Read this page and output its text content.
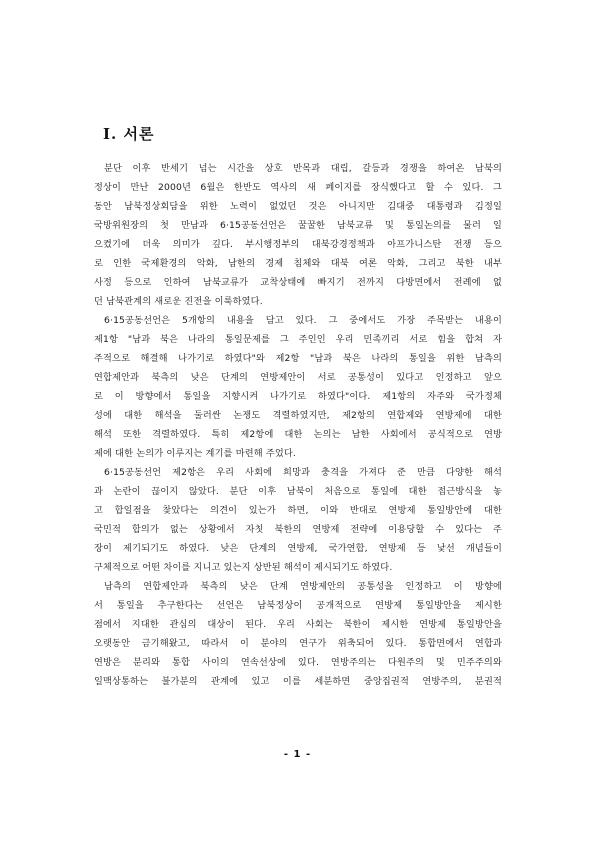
Ⅰ. 서론
분단 이후 반세기 넘는 시간을 상호 반목과 대립, 갈등과 경쟁을 하여온 남북의
정상이 만난 2000년 6월은 한반도 역사의 새 페이지를 장식했다고 할 수 있다. 그
동안 남북정상회담을 위한 노력이 없었던 것은 아니지만 김대중 대통령과 김정일
국방위원장의 첫 만남과 6·15공동선언은 꿀꿀한 남북교류 및 통일논의를 물러 일
으켰기에 더욱 의미가 깊다. 부시행정부의 대북강경정책과 아프가니스탄 전쟁 등으
로 인한 국제환경의 악화, 남한의 경제 침체와 대북 여론 악화, 그리고 북한 내부
사정 등으로 인하여 남북교류가 교착상태에 빠지기 전까지 다방면에서 전례에 없
던 남북관계의 새로운 진전을 이룩하였다.
6·15공동선언은 5개항의 내용을 담고 있다. 그 중에서도 가장 주목받는 내용이
제1항 "남과 북은 나라의 통일문제를 그 주인인 우리 민족끼리 서로 힘을 합쳐 자
주적으로 해결해 나가기로 하였다"와 제2항 "남과 북은 나라의 통일을 위한 남측의
연합제안과 북측의 낮은 단계의 연방제안이 서로 공통성이 있다고 인정하고 앞으
로 이 방향에서 통일을 지향시켜 나가기로 하였다"이다. 제1항의 자주와 국가정체
성에 대한 해석을 둘러싼 논쟁도 격렬하였지만, 제2항의 연합제와 연방제에 대한
해석 또한 격렬하였다. 특히 제2항에 대한 논의는 남한 사회에서 공식적으로 연방
제에 대한 논의가 이루지는 계기를 마련해 주었다.
6·15공동선언 제2항은 우리 사회에 희망과 충격을 가져다 준 만큼 다양한 해석
과 논란이 끊이지 않았다. 분단 이후 남북이 처음으로 통일에 대한 접근방식을 놓
고 합일점을 찾았다는 의견이 있는가 하면, 이와 반대로 연방제 통일방안에 대한
국민적 합의가 없는 상황에서 자칫 북한의 연방제 전략에 이용당할 수 있다는 주
장이 제기되기도 하였다. 낮은 단계의 연방제, 국가연합, 연방제 등 낯선 개념들이
구체적으로 어떤 차이를 지니고 있는지 상반된 해석이 제시되기도 하였다.
남측의 연합제안과 북측의 낮은 단계 연방제안의 공통성을 인정하고 이 방향에
서 통일을 추구한다는 선언은 남북정상이 공개적으로 연방제 통일방안을 제시한
점에서 지대한 관심의 대상이 된다. 우리 사회는 북한이 제시한 연방제 통일방안을
오랫동안 금기해왔고, 따라서 이 분야의 연구가 위축되어 있다. 통합면에서 연합과
연방은 분리와 통합 사이의 연속선상에 있다. 연방주의는 다원주의 및 민주주의와
일맥상통하는 불가분의 관계에 있고 이를 세분하면 중앙집권적 연방주의, 분권적
- 1 -
